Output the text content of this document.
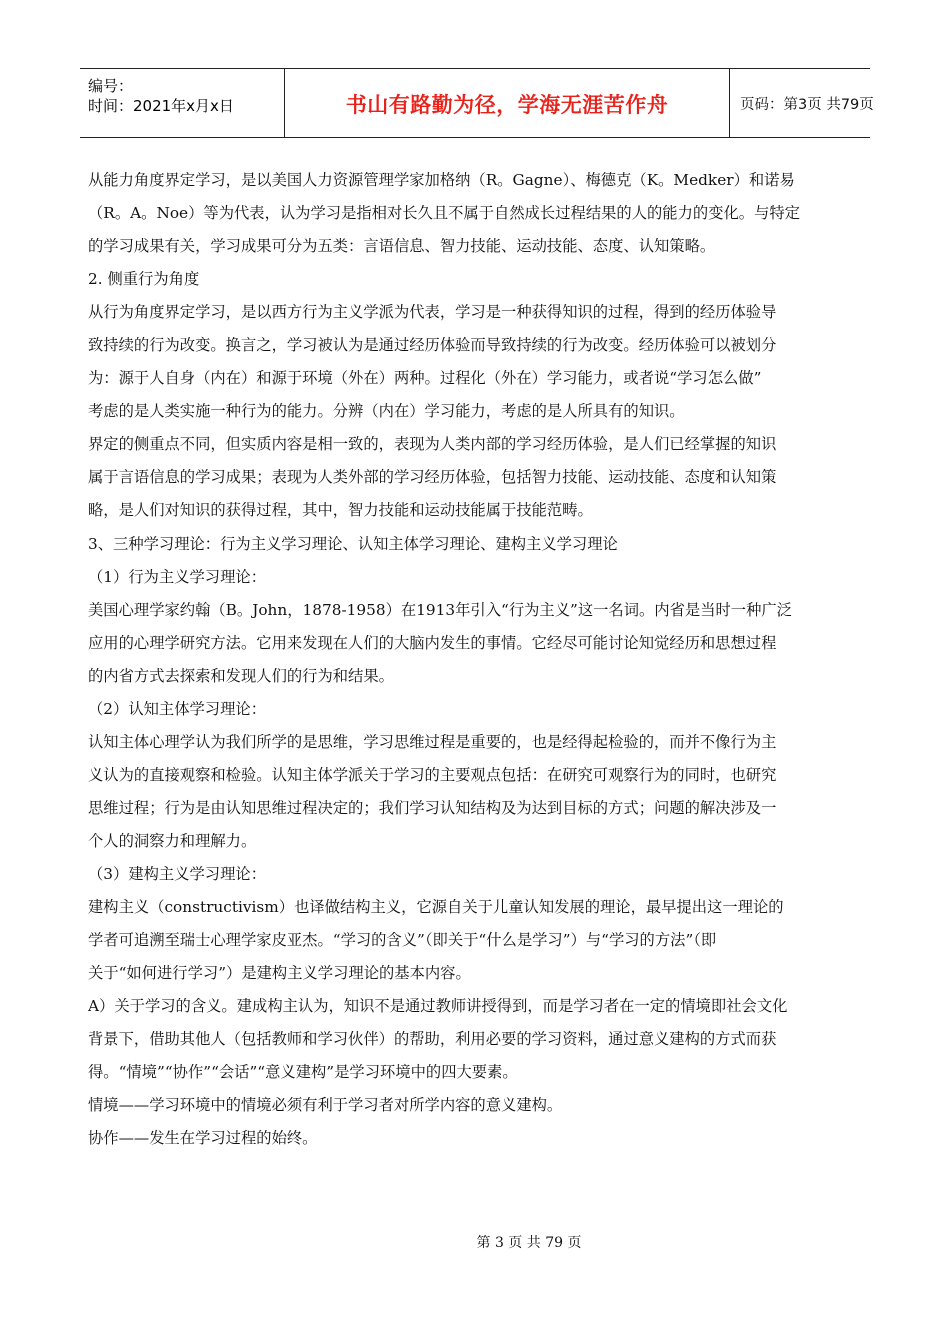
编号：
时间：2021年x月x日	书山有路勤为径，学海无涯苦作舟	页码：第3页 共79页
从能力角度界定学习，是以美国人力资源管理学家加格纳（R。Gagne）、梅德克（K。Medker）和诺易
（R。A。Noe）等为代表，认为学习是指相对长久且不属于自然成长过程结果的人的能力的变化。与特定
的学习成果有关，学习成果可分为五类：言语信息、智力技能、运动技能、态度、认知策略。
2. 侧重行为角度
从行为角度界定学习，是以西方行为主义学派为代表，学习是一种获得知识的过程，得到的经历体验导
致持续的行为改变。换言之，学习被认为是通过经历体验而导致持续的行为改变。经历体验可以被划分
为：源于人自身（内在）和源于环境（外在）两种。过程化（外在）学习能力，或者说“学习怎么做”
考虑的是人类实施一种行为的能力。分辨（内在）学习能力，考虑的是人所具有的知识。
界定的侧重点不同，但实质内容是相一致的，表现为人类内部的学习经历体验，是人们已经掌握的知识
属于言语信息的学习成果；表现为人类外部的学习经历体验，包括智力技能、运动技能、态度和认知策
略，是人们对知识的获得过程，其中，智力技能和运动技能属于技能范畴。
3、三种学习理论：行为主义学习理论、认知主体学习理论、建构主义学习理论
（1）行为主义学习理论：
美国心理学家约翰（B。John，1878-1958）在1913年引入“行为主义”这一名词。内省是当时一种广泛
应用的心理学研究方法。它用来发现在人们的大脑内发生的事情。它经尽可能讨论知觉经历和思想过程
的内省方式去探索和发现人们的行为和结果。
（2）认知主体学习理论：
认知主体心理学认为我们所学的是思维，学习思维过程是重要的，也是经得起检验的，而并不像行为主
义认为的直接观察和检验。认知主体学派关于学习的主要观点包括：在研究可观察行为的同时，也研究
思维过程；行为是由认知思维过程决定的；我们学习认知结构及为达到目标的方式；问题的解决涉及一
个人的洞察力和理解力。
（3）建构主义学习理论：
建构主义（constructivism）也译做结构主义，它源自关于儿童认知发展的理论，最早提出这一理论的
学者可追溯至瑞士心理学家皮亚杰。“学习的含义”（即关于“什么是学习”）与“学习的方法”（即
关于“如何进行学习”）是建构主义学习理论的基本内容。
A）关于学习的含义。建成构主认为，知识不是通过教师讲授得到，而是学习者在一定的情境即社会文化
背景下，借助其他人（包括教师和学习伙伴）的帮助，利用必要的学习资料，通过意义建构的方式而获
得。“情境”“协作”“会话”“意义建构”是学习环境中的四大要素。
情境——学习环境中的情境必须有利于学习者对所学内容的意义建构。
协作——发生在学习过程的始终。
第 3 页 共 79 页
